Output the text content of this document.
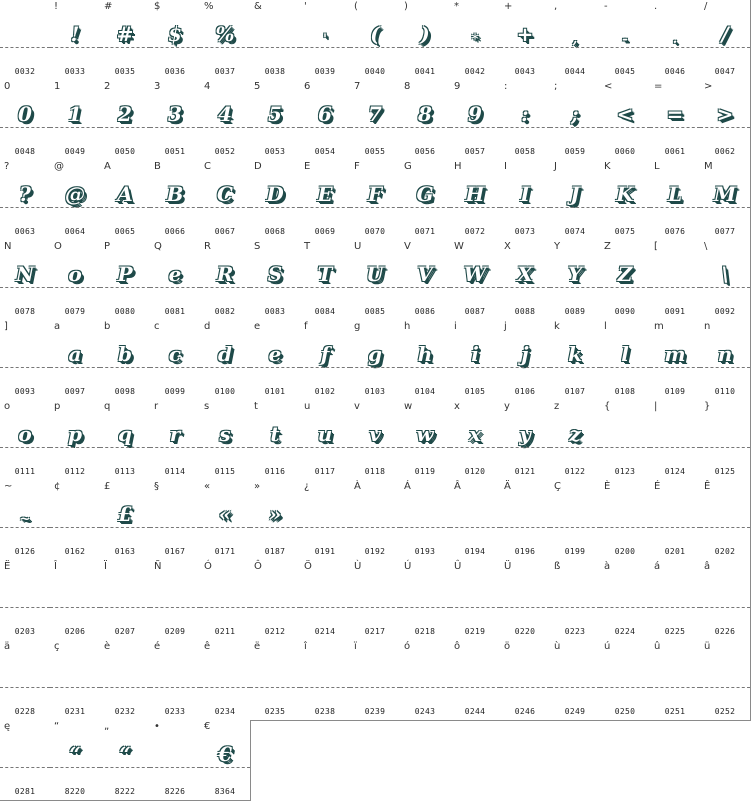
0032
!
!
0033
#
#
0035
$
$
0036
%
%
0037
&
0038
'
'
0039
(
(
0040
)
)
0041
*
*
0042
+
+
0043
,
,
0044
-
-
0045
.
.
0046
/
/
0047
0
0
0048
1
1
0049
2
2
0050
3
3
0051
4
4
0052
5
5
0053
6
6
0054
7
7
0055
8
8
0056
9
9
0057
:
:
0058
;
;
0059
<
<
0060
=
=
0061
>
>
0062
?
?
0063
@
@
0064
A
A
0065
B
B
0066
C
C
0067
D
D
0068
E
E
0069
F
F
0070
G
G
0071
H
H
0072
I
I
0073
J
J
0074
K
K
0075
L
L
0076
M
M
0077
N
N
0078
O
o
0079
P
P
0080
Q
e
0081
R
R
0082
S
S
0083
T
T
0084
U
U
0085
V
V
0086
W
W
0087
X
X
0088
Y
Y
0089
Z
Z
0090
[
0091
\
\
0092
]
0093
a
a
0097
b
b
0098
c
c
0099
d
d
0100
e
e
0101
f
f
0102
g
g
0103
h
h
0104
i
i
0105
j
j
0106
k
k
0107
l
l
0108
m
m
0109
n
n
0110
o
o
0111
p
p
0112
q
q
0113
r
r
0114
s
s
0115
t
t
0116
u
u
0117
v
v
0118
w
w
0119
x
x
0120
y
y
0121
z
z
0122
{
0123
|
0124
}
0125
~
~
0126
¢
0162
£
£
0163
§
0167
«
«
0171
»
»
0187
¿
0191
À
0192
Á
0193
Â
0194
Ä
0196
Ç
0199
È
0200
É
0201
Ê
0202
Ë
0203
Î
0206
Ï
0207
Ñ
0209
Ó
0211
Ô
0212
Ö
0214
Ù
0217
Ú
0218
Û
0219
Ü
0220
ß
0223
à
0224
á
0225
â
0226
ä
0228
ç
0231
è
0232
é
0233
ê
0234
ë
0235
î
0238
ï
0239
ó
0243
ô
0244
ö
0246
ù
0249
ú
0250
û
0251
ü
0252
ę
0281
“
“
8220
„
“
8222
•
8226
€
€
8364
